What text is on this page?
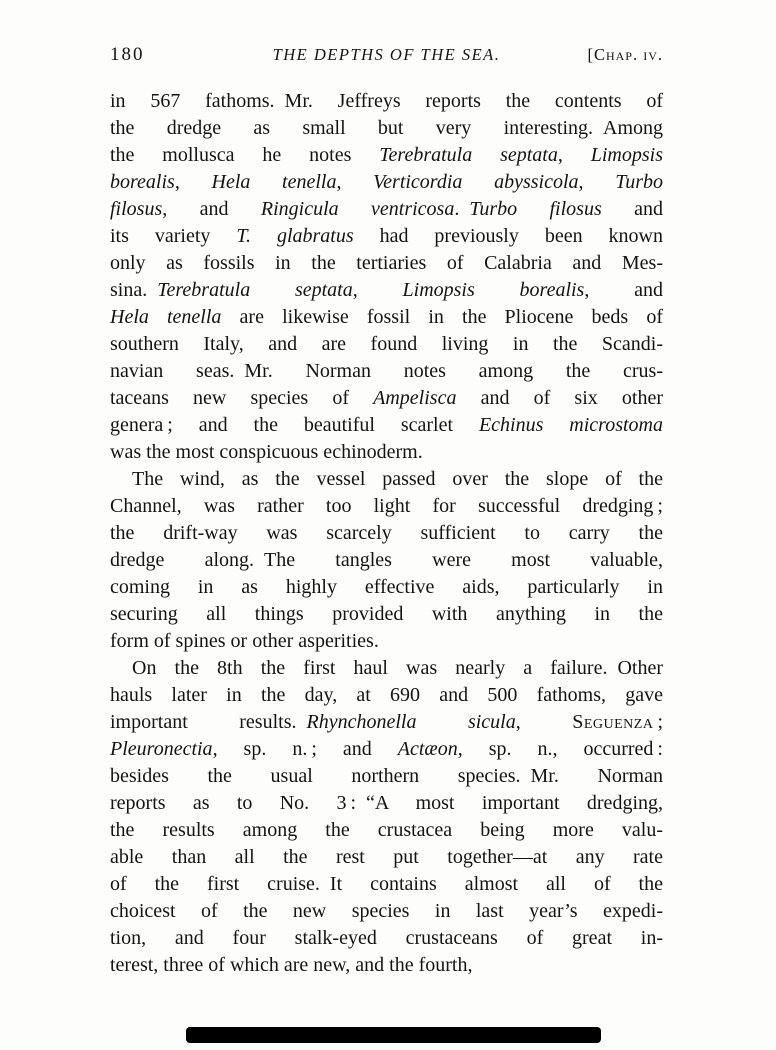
180	THE DEPTHS OF THE SEA.	[Chap. iv.
in 567 fathoms. Mr. Jeffreys reports the contents of
the dredge as small but very interesting. Among
the mollusca he notes Terebratula septata, Limopsis
borealis, Hela tenella, Verticordia abyssicola, Turbo
filosus, and Ringicula ventricosa. Turbo filosus and
its variety T. glabratus had previously been known
only as fossils in the tertiaries of Calabria and Mes-
sina. Terebratula septata, Limopsis borealis, and
Hela tenella are likewise fossil in the Pliocene beds of
southern Italy, and are found living in the Scandi-
navian seas. Mr. Norman notes among the crus-
taceans new species of Ampelisca and of six other
genera ; and the beautiful scarlet Echinus microstoma
was the most conspicuous echinoderm.
The wind, as the vessel passed over the slope of the
Channel, was rather too light for successful dredging ;
the drift-way was scarcely sufficient to carry the
dredge along. The tangles were most valuable,
coming in as highly effective aids, particularly in
securing all things provided with anything in the
form of spines or other asperities.
On the 8th the first haul was nearly a failure. Other
hauls later in the day, at 690 and 500 fathoms, gave
important results. Rhynchonella sicula, Seguenza ;
Pleuronectia, sp. n. ; and Actæon, sp. n., occurred :
besides the usual northern species. Mr. Norman
reports as to No. 3 : “A most important dredging,
the results among the crustacea being more valu-
able than all the rest put together—at any rate
of the first cruise. It contains almost all of the
choicest of the new species in last year’s expedi-
tion, and four stalk-eyed crustaceans of great in-
terest, three of which are new, and the fourth,
